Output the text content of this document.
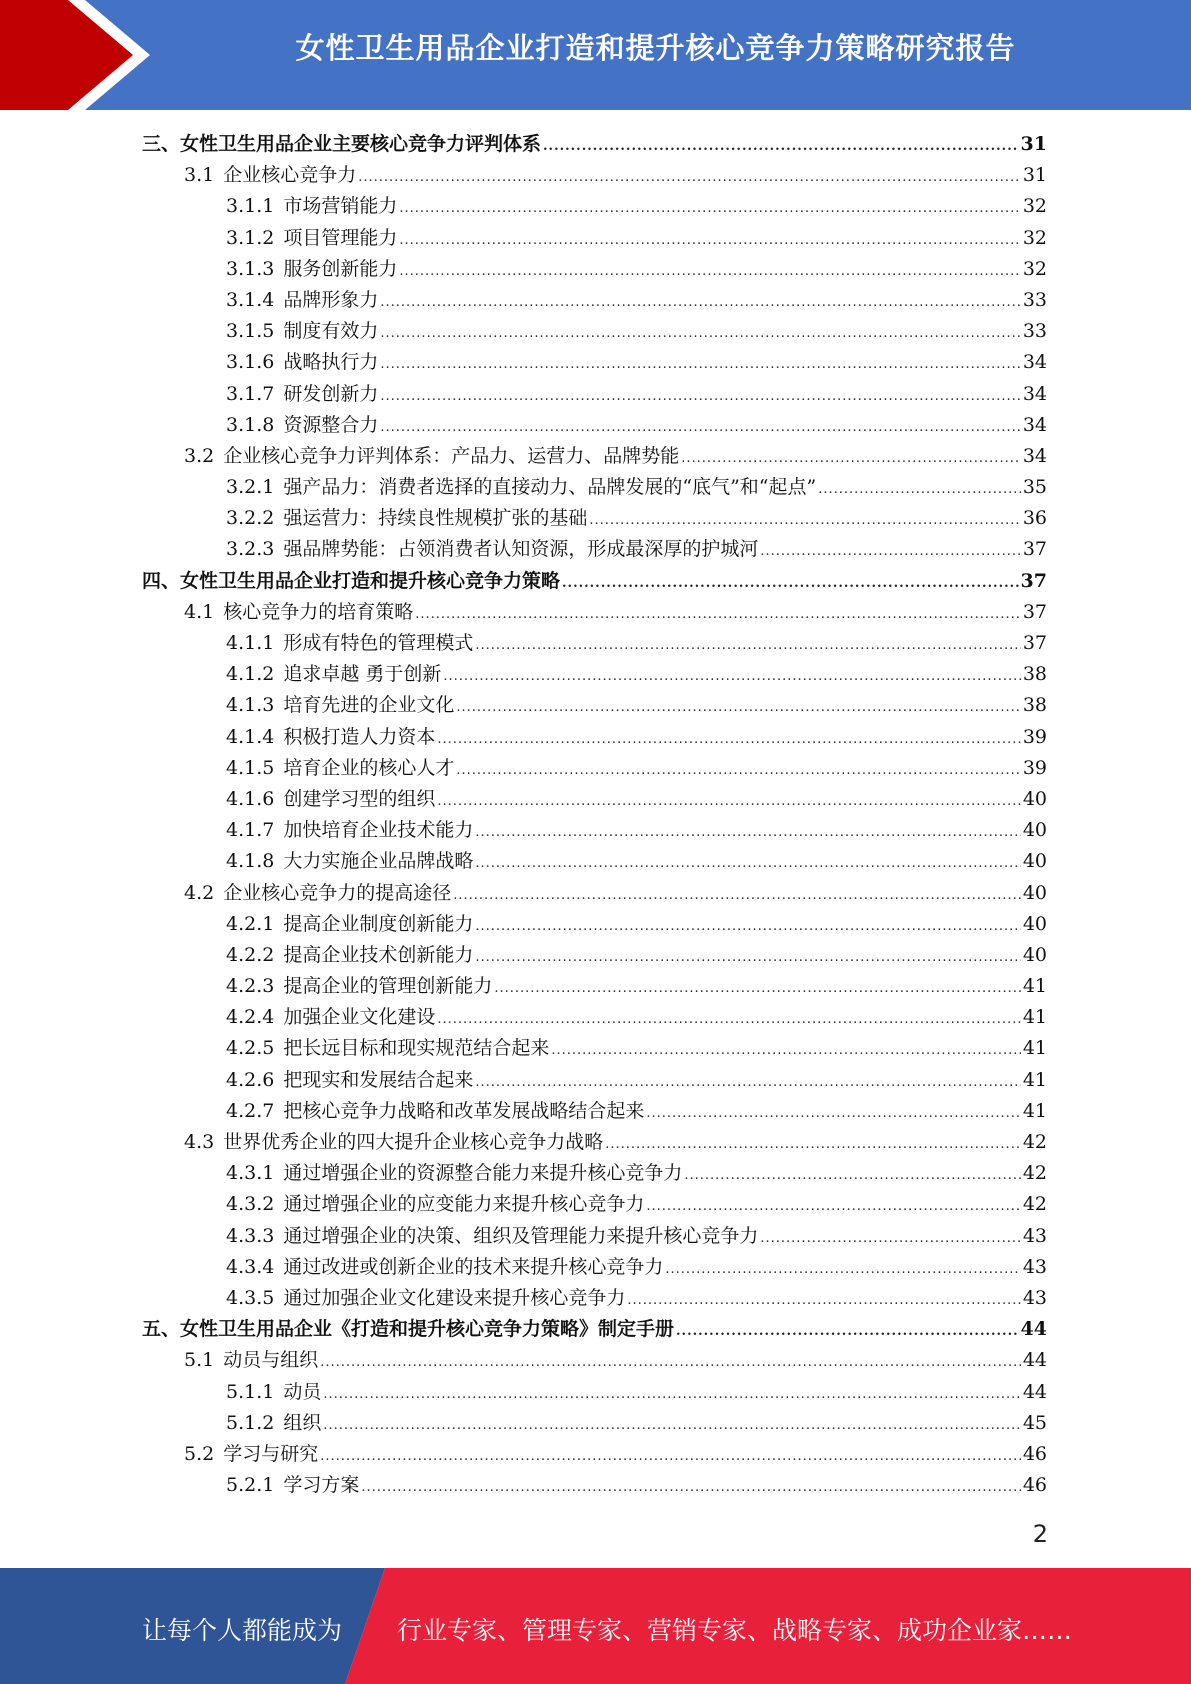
女性卫生用品企业打造和提升核心竞争力策略研究报告
三、 女性卫生用品企业主要核心竞争力评判体系 .....	31
3.1 企业核心竞争力 .....	31
3.1.1 市场营销能力 .....	32
3.1.2 项目管理能力 .....	32
3.1.3 服务创新能力 .....	32
3.1.4 品牌形象力 .....	33
3.1.5 制度有效力 .....	33
3.1.6 战略执行力 .....	34
3.1.7 研发创新力 .....	34
3.1.8 资源整合力 .....	34
3.2 企业核心竞争力评判体系：产品力、运营力、品牌势能 .....	34
3.2.1 强产品力：消费者选择的直接动力、品牌发展的“底气”和“起点” .....	35
3.2.2 强运营力：持续良性规模扩张的基础 .....	36
3.2.3 强品牌势能：占领消费者认知资源，形成最深厚的护城河 .....	37
四、 女性卫生用品企业打造和提升核心竞争力策略 .....	37
4.1 核心竞争力的培育策略 .....	37
4.1.1 形成有特色的管理模式 .....	37
4.1.2 追求卓越 勇于创新 .....	38
4.1.3 培育先进的企业文化 .....	38
4.1.4 积极打造人力资本 .....	39
4.1.5 培育企业的核心人才 .....	39
4.1.6 创建学习型的组织 .....	40
4.1.7 加快培育企业技术能力 .....	40
4.1.8 大力实施企业品牌战略 .....	40
4.2 企业核心竞争力的提高途径 .....	40
4.2.1 提高企业制度创新能力 .....	40
4.2.2 提高企业技术创新能力 .....	40
4.2.3 提高企业的管理创新能力 .....	41
4.2.4 加强企业文化建设 .....	41
4.2.5 把长远目标和现实规范结合起来 .....	41
4.2.6 把现实和发展结合起来 .....	41
4.2.7 把核心竞争力战略和改革发展战略结合起来 .....	41
4.3 世界优秀企业的四大提升企业核心竞争力战略 .....	42
4.3.1 通过增强企业的资源整合能力来提升核心竞争力 .....	42
4.3.2 通过增强企业的应变能力来提升核心竞争力 .....	42
4.3.3 通过增强企业的决策、组织及管理能力来提升核心竞争力 .....	43
4.3.4 通过改进或创新企业的技术来提升核心竞争力 .....	43
4.3.5 通过加强企业文化建设来提升核心竞争力 .....	43
五、 女性卫生用品企业《打造和提升核心竞争力策略》制定手册 .....	44
5.1 动员与组织 .....	44
5.1.1 动员 .....	44
5.1.2 组织 .....	45
5.2 学习与研究 .....	46
5.2.1 学习方案 .....	46
2
让每个人都能成为 行业专家、管理专家、营销专家、战略专家、成功企业家……
